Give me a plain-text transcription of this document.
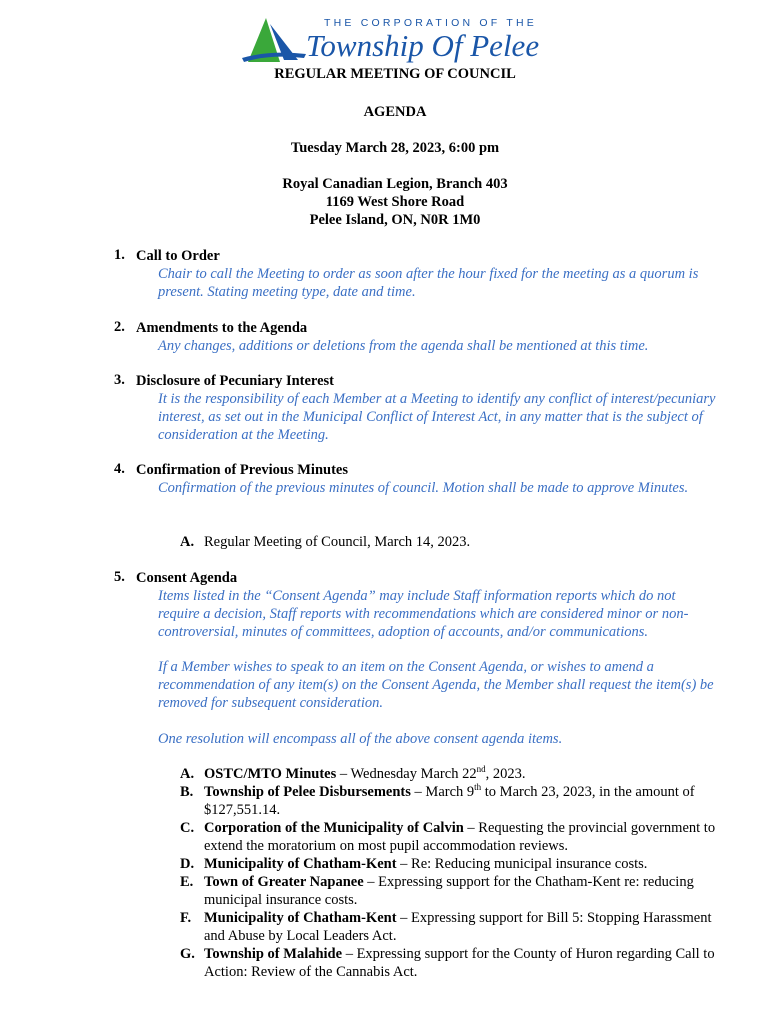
THE CORPORATION OF THE
Township Of Pelee
REGULAR MEETING OF COUNCIL
AGENDA
Tuesday March 28, 2023, 6:00 pm
Royal Canadian Legion, Branch 403
1169 West Shore Road
Pelee Island, ON, N0R 1M0
1. Call to Order
Chair to call the Meeting to order as soon after the hour fixed for the meeting as a quorum is present. Stating meeting type, date and time.
2. Amendments to the Agenda
Any changes, additions or deletions from the agenda shall be mentioned at this time.
3. Disclosure of Pecuniary Interest
It is the responsibility of each Member at a Meeting to identify any conflict of interest/pecuniary interest, as set out in the Municipal Conflict of Interest Act, in any matter that is the subject of consideration at the Meeting.
4. Confirmation of Previous Minutes
Confirmation of the previous minutes of council. Motion shall be made to approve Minutes.
A. Regular Meeting of Council, March 14, 2023.
5. Consent Agenda
Items listed in the “Consent Agenda” may include Staff information reports which do not require a decision, Staff reports with recommendations which are considered minor or non-controversial, minutes of committees, adoption of accounts, and/or communications.
If a Member wishes to speak to an item on the Consent Agenda, or wishes to amend a recommendation of any item(s) on the Consent Agenda, the Member shall request the item(s) be removed for subsequent consideration.
One resolution will encompass all of the above consent agenda items.
A. OSTC/MTO Minutes – Wednesday March 22nd, 2023.
B. Township of Pelee Disbursements – March 9th to March 23, 2023, in the amount of $127,551.14.
C. Corporation of the Municipality of Calvin – Requesting the provincial government to extend the moratorium on most pupil accommodation reviews.
D. Municipality of Chatham-Kent – Re: Reducing municipal insurance costs.
E. Town of Greater Napanee – Expressing support for the Chatham-Kent re: reducing municipal insurance costs.
F. Municipality of Chatham-Kent – Expressing support for Bill 5: Stopping Harassment and Abuse by Local Leaders Act.
G. Township of Malahide – Expressing support for the County of Huron regarding Call to Action: Review of the Cannabis Act.
